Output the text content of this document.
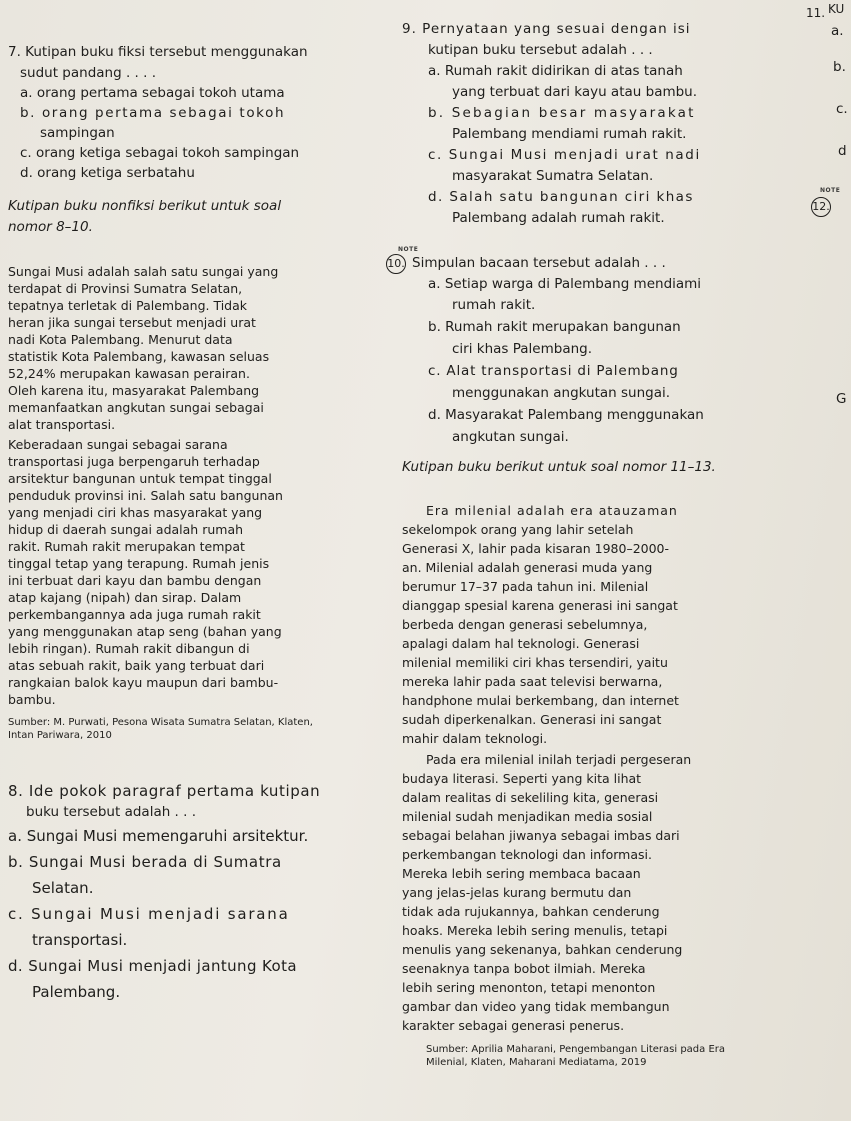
11. KU
a.
b.
c.
d
G
7. Kutipan buku fiksi tersebut menggunakan
sudut pandang . . . .
a. orang pertama sebagai tokoh utama
b. orang pertama sebagai tokoh
sampingan
c. orang ketiga sebagai tokoh sampingan
d. orang ketiga serbatahu
Kutipan buku nonfiksi berikut untuk soal
nomor 8–10.
Sungai Musi adalah salah satu sungai yang
terdapat di Provinsi Sumatra Selatan,
tepatnya terletak di Palembang. Tidak
heran jika sungai tersebut menjadi urat
nadi Kota Palembang. Menurut data
statistik Kota Palembang, kawasan seluas
52,24% merupakan kawasan perairan.
Oleh karena itu, masyarakat Palembang
memanfaatkan angkutan sungai sebagai
alat transportasi.
Keberadaan sungai sebagai sarana
transportasi juga berpengaruh terhadap
arsitektur bangunan untuk tempat tinggal
penduduk provinsi ini. Salah satu bangunan
yang menjadi ciri khas masyarakat yang
hidup di daerah sungai adalah rumah
rakit. Rumah rakit merupakan tempat
tinggal tetap yang terapung. Rumah jenis
ini terbuat dari kayu dan bambu dengan
atap kajang (nipah) dan sirap. Dalam
perkembangannya ada juga rumah rakit
yang menggunakan atap seng (bahan yang
lebih ringan). Rumah rakit dibangun di
atas sebuah rakit, baik yang terbuat dari
rangkaian balok kayu maupun dari bambu-
bambu.
Sumber: M. Purwati, Pesona Wisata Sumatra Selatan, Klaten,
Intan Pariwara, 2010
8. Ide pokok paragraf pertama kutipan
buku tersebut adalah . . .
a. Sungai Musi memengaruhi arsitektur.
b. Sungai Musi berada di Sumatra
Selatan.
c. Sungai Musi menjadi sarana
transportasi.
d. Sungai Musi menjadi jantung Kota
Palembang.
9. Pernyataan yang sesuai dengan isi
kutipan buku tersebut adalah . . .
a. Rumah rakit didirikan di atas tanah
yang terbuat dari kayu atau bambu.
b. Sebagian besar masyarakat
Palembang mendiami rumah rakit.
c. Sungai Musi menjadi urat nadi
masyarakat Sumatra Selatan.
d. Salah satu bangunan ciri khas
Palembang adalah rumah rakit.
NOTE
12.
NOTE
10. Simpulan bacaan tersebut adalah . . .
a. Setiap warga di Palembang mendiami
rumah rakit.
b. Rumah rakit merupakan bangunan
ciri khas Palembang.
c. Alat transportasi di Palembang
menggunakan angkutan sungai.
d. Masyarakat Palembang menggunakan
angkutan sungai.
Kutipan buku berikut untuk soal nomor 11–13.
Era milenial adalah era atauzaman
sekelompok orang yang lahir setelah
Generasi X, lahir pada kisaran 1980–2000-
an. Milenial adalah generasi muda yang
berumur 17–37 pada tahun ini. Milenial
dianggap spesial karena generasi ini sangat
berbeda dengan generasi sebelumnya,
apalagi dalam hal teknologi. Generasi
milenial memiliki ciri khas tersendiri, yaitu
mereka lahir pada saat televisi berwarna,
handphone mulai berkembang, dan internet
sudah diperkenalkan. Generasi ini sangat
mahir dalam teknologi.
Pada era milenial inilah terjadi pergeseran
budaya literasi. Seperti yang kita lihat
dalam realitas di sekeliling kita, generasi
milenial sudah menjadikan media sosial
sebagai belahan jiwanya sebagai imbas dari
perkembangan teknologi dan informasi.
Mereka lebih sering membaca bacaan
yang jelas-jelas kurang bermutu dan
tidak ada rujukannya, bahkan cenderung
hoaks. Mereka lebih sering menulis, tetapi
menulis yang sekenanya, bahkan cenderung
seenaknya tanpa bobot ilmiah. Mereka
lebih sering menonton, tetapi menonton
gambar dan video yang tidak membangun
karakter sebagai generasi penerus.
Sumber: Aprilia Maharani, Pengembangan Literasi pada Era
Milenial, Klaten, Maharani Mediatama, 2019
